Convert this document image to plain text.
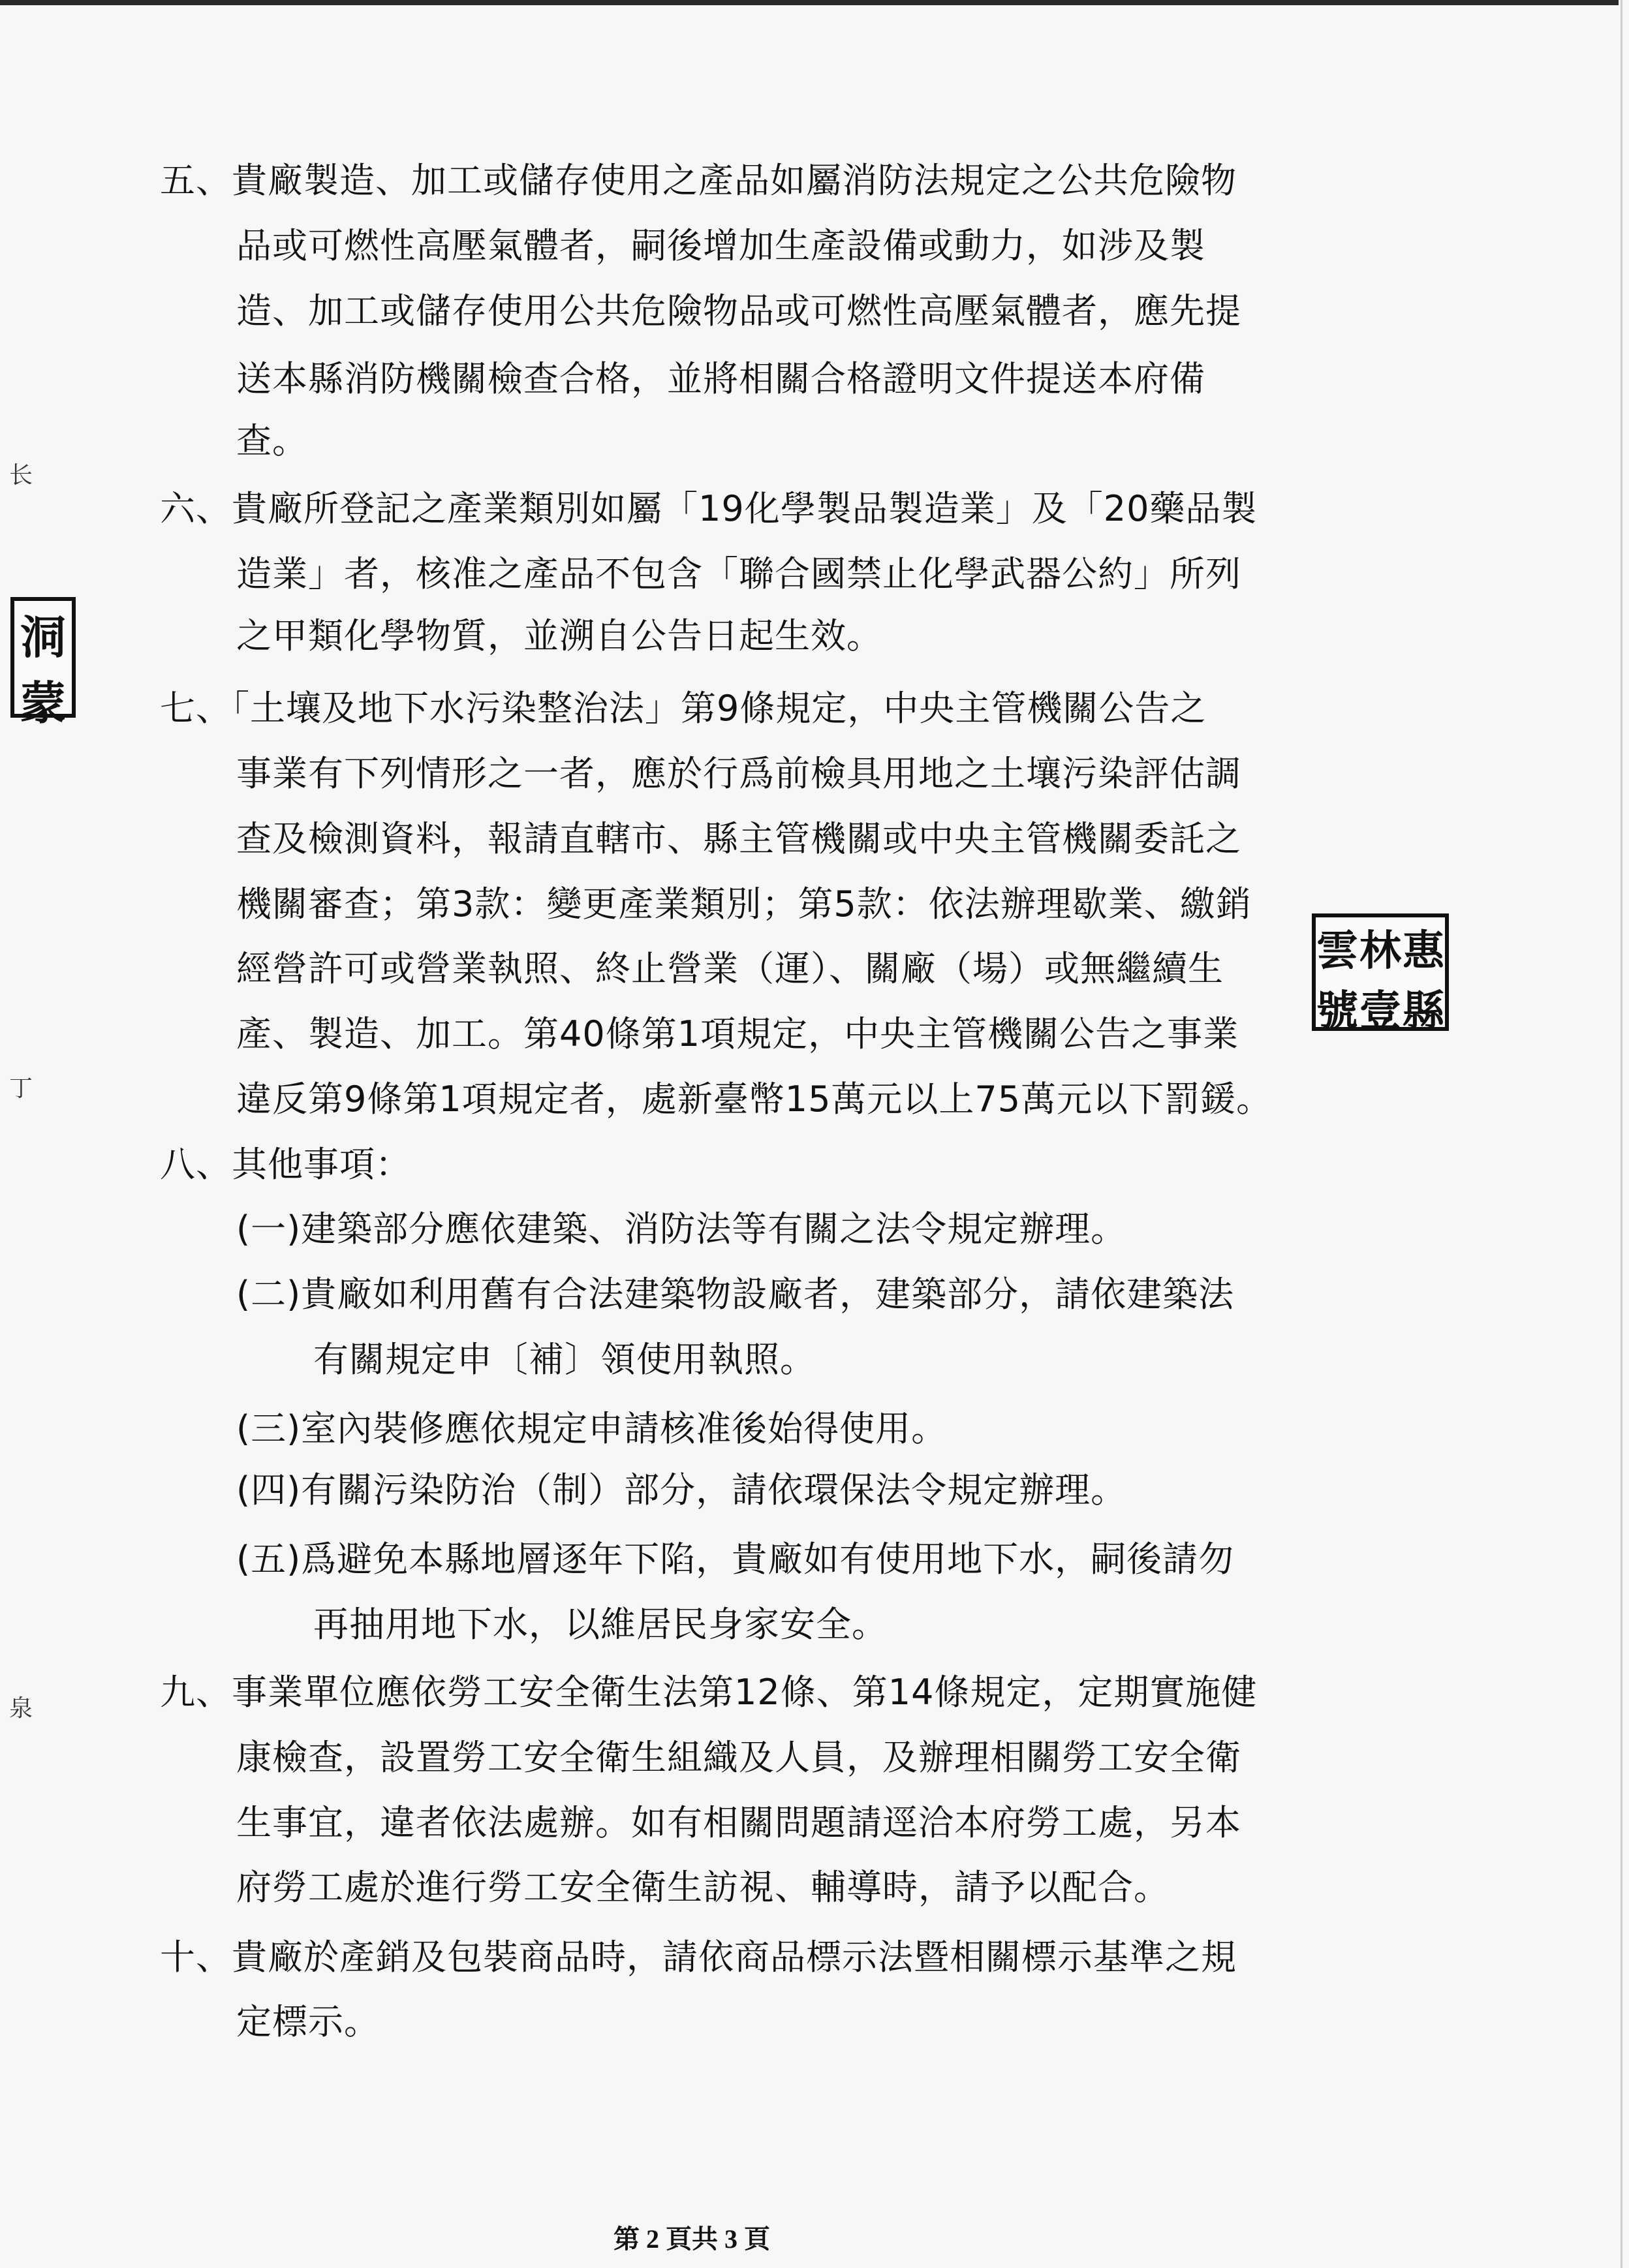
五、貴廠製造、加工或儲存使用之產品如屬消防法規定之公共危險物
品或可燃性高壓氣體者，嗣後增加生產設備或動力，如涉及製
造、加工或儲存使用公共危險物品或可燃性高壓氣體者，應先提
送本縣消防機關檢查合格，並將相關合格證明文件提送本府備
查。
六、貴廠所登記之產業類別如屬「19化學製品製造業」及「20藥品製
造業」者，核准之產品不包含「聯合國禁止化學武器公約」所列
之甲類化學物質，並溯自公告日起生效。
七、「土壤及地下水污染整治法」第9條規定，中央主管機關公告之
事業有下列情形之一者，應於行爲前檢具用地之土壤污染評估調
查及檢測資料，報請直轄市、縣主管機關或中央主管機關委託之
機關審查；第3款：變更產業類別；第5款：依法辦理歇業、繳銷
經營許可或營業執照、終止營業（運）、關廠（場）或無繼續生
產、製造、加工。第40條第1項規定，中央主管機關公告之事業
違反第9條第1項規定者，處新臺幣15萬元以上75萬元以下罰鍰。
八、其他事項：
(一)建築部分應依建築、消防法等有關之法令規定辦理。
(二)貴廠如利用舊有合法建築物設廠者，建築部分，請依建築法
有關規定申〔補〕領使用執照。
(三)室內裝修應依規定申請核准後始得使用。
(四)有關污染防治（制）部分，請依環保法令規定辦理。
(五)爲避免本縣地層逐年下陷，貴廠如有使用地下水，嗣後請勿
再抽用地下水，以維居民身家安全。
九、事業單位應依勞工安全衛生法第12條、第14條規定，定期實施健
康檢查，設置勞工安全衛生組織及人員，及辦理相關勞工安全衛
生事宜，違者依法處辦。如有相關問題請逕洽本府勞工處，另本
府勞工處於進行勞工安全衛生訪視、輔導時，請予以配合。
十、貴廠於產銷及包裝商品時，請依商品標示法暨相關標示基準之規
定標示。
雲 林 惠
號 壹 縣
洞
蒙
长
丁
泉
第 2 頁共 3 頁
